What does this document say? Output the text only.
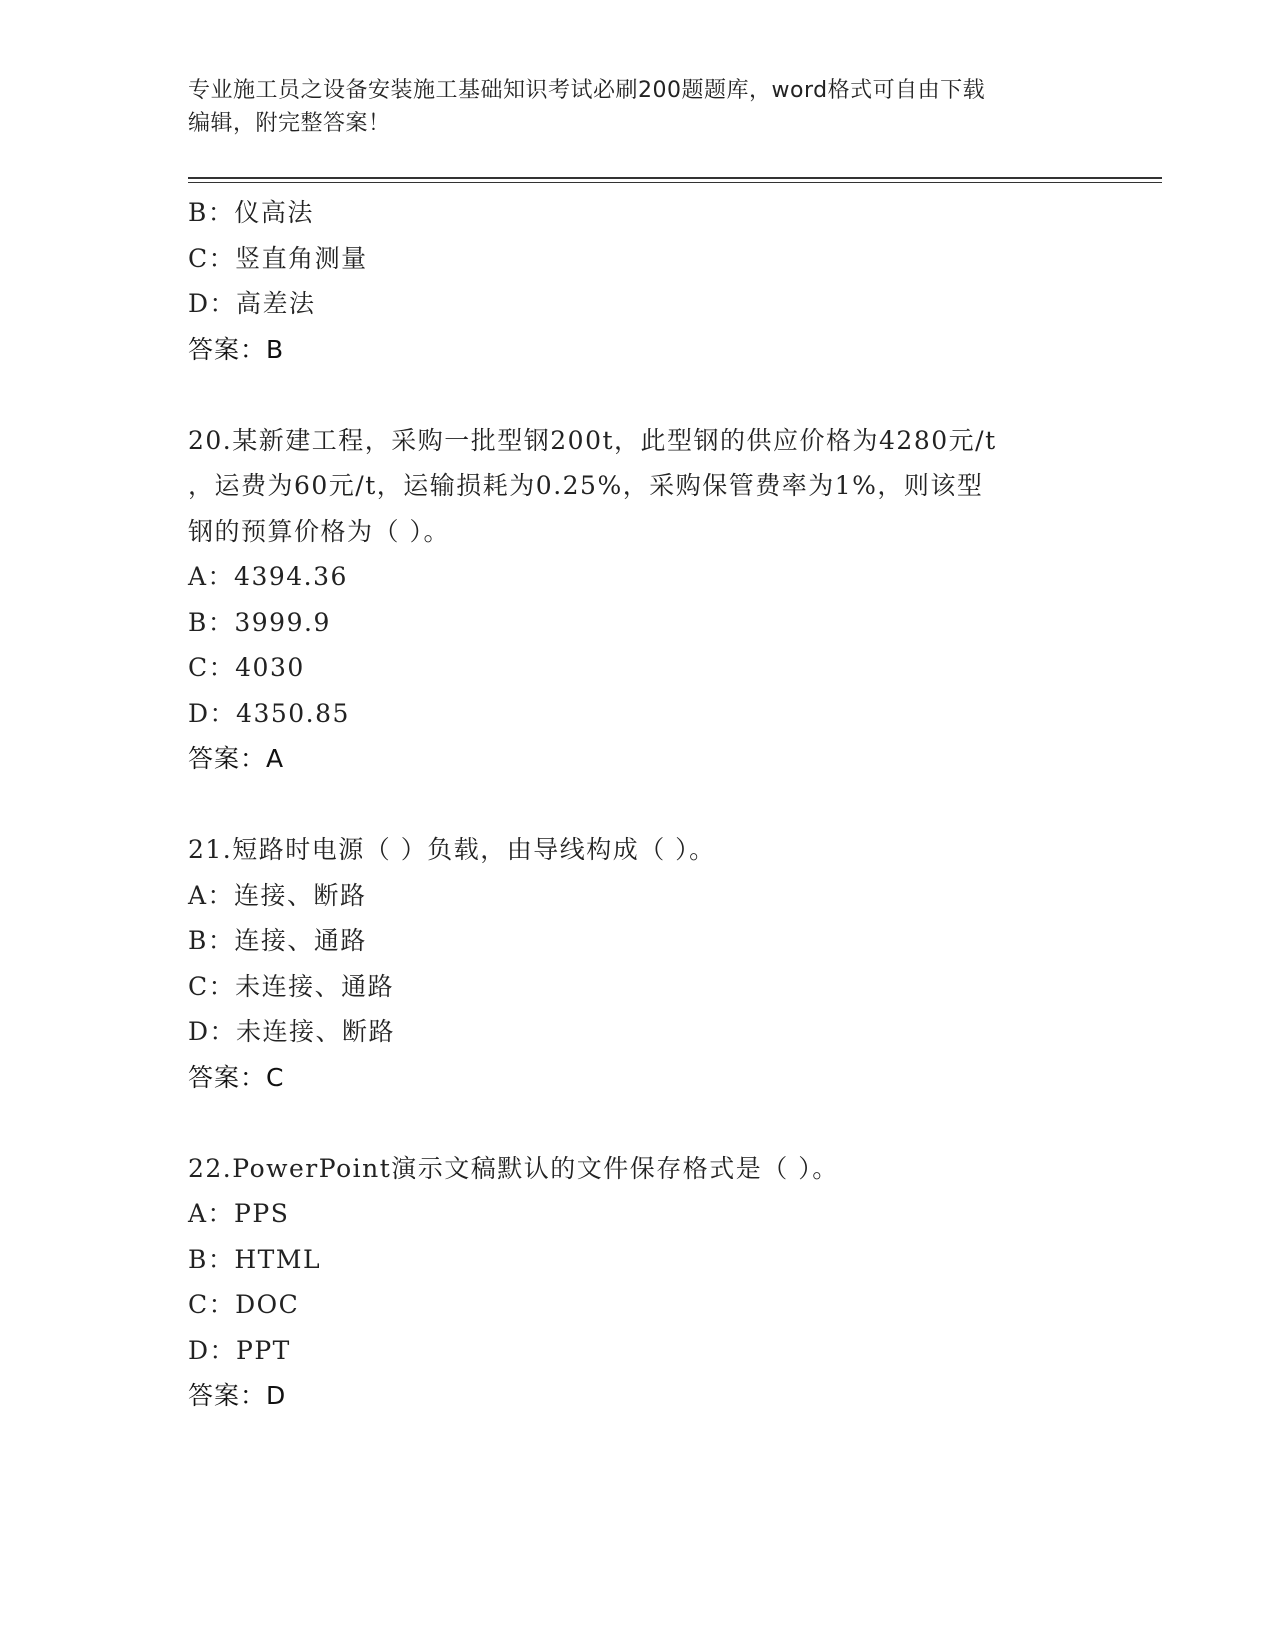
专业施工员之设备安装施工基础知识考试必刷200题题库，word格式可自由下载
编辑，附完整答案！
B：仪高法
C：竖直角测量
D：高差法
答案：B
20.某新建工程，采购一批型钢200t，此型钢的供应价格为4280元/t
，运费为60元/t，运输损耗为0.25%，采购保管费率为1%，则该型
钢的预算价格为（ ）。
A：4394.36
B：3999.9
C：4030
D：4350.85
答案：A
21.短路时电源（ ）负载，由导线构成（ ）。
A：连接、断路
B：连接、通路
C：未连接、通路
D：未连接、断路
答案：C
22.PowerPoint演示文稿默认的文件保存格式是（ ）。
A：PPS
B：HTML
C：DOC
D：PPT
答案：D
